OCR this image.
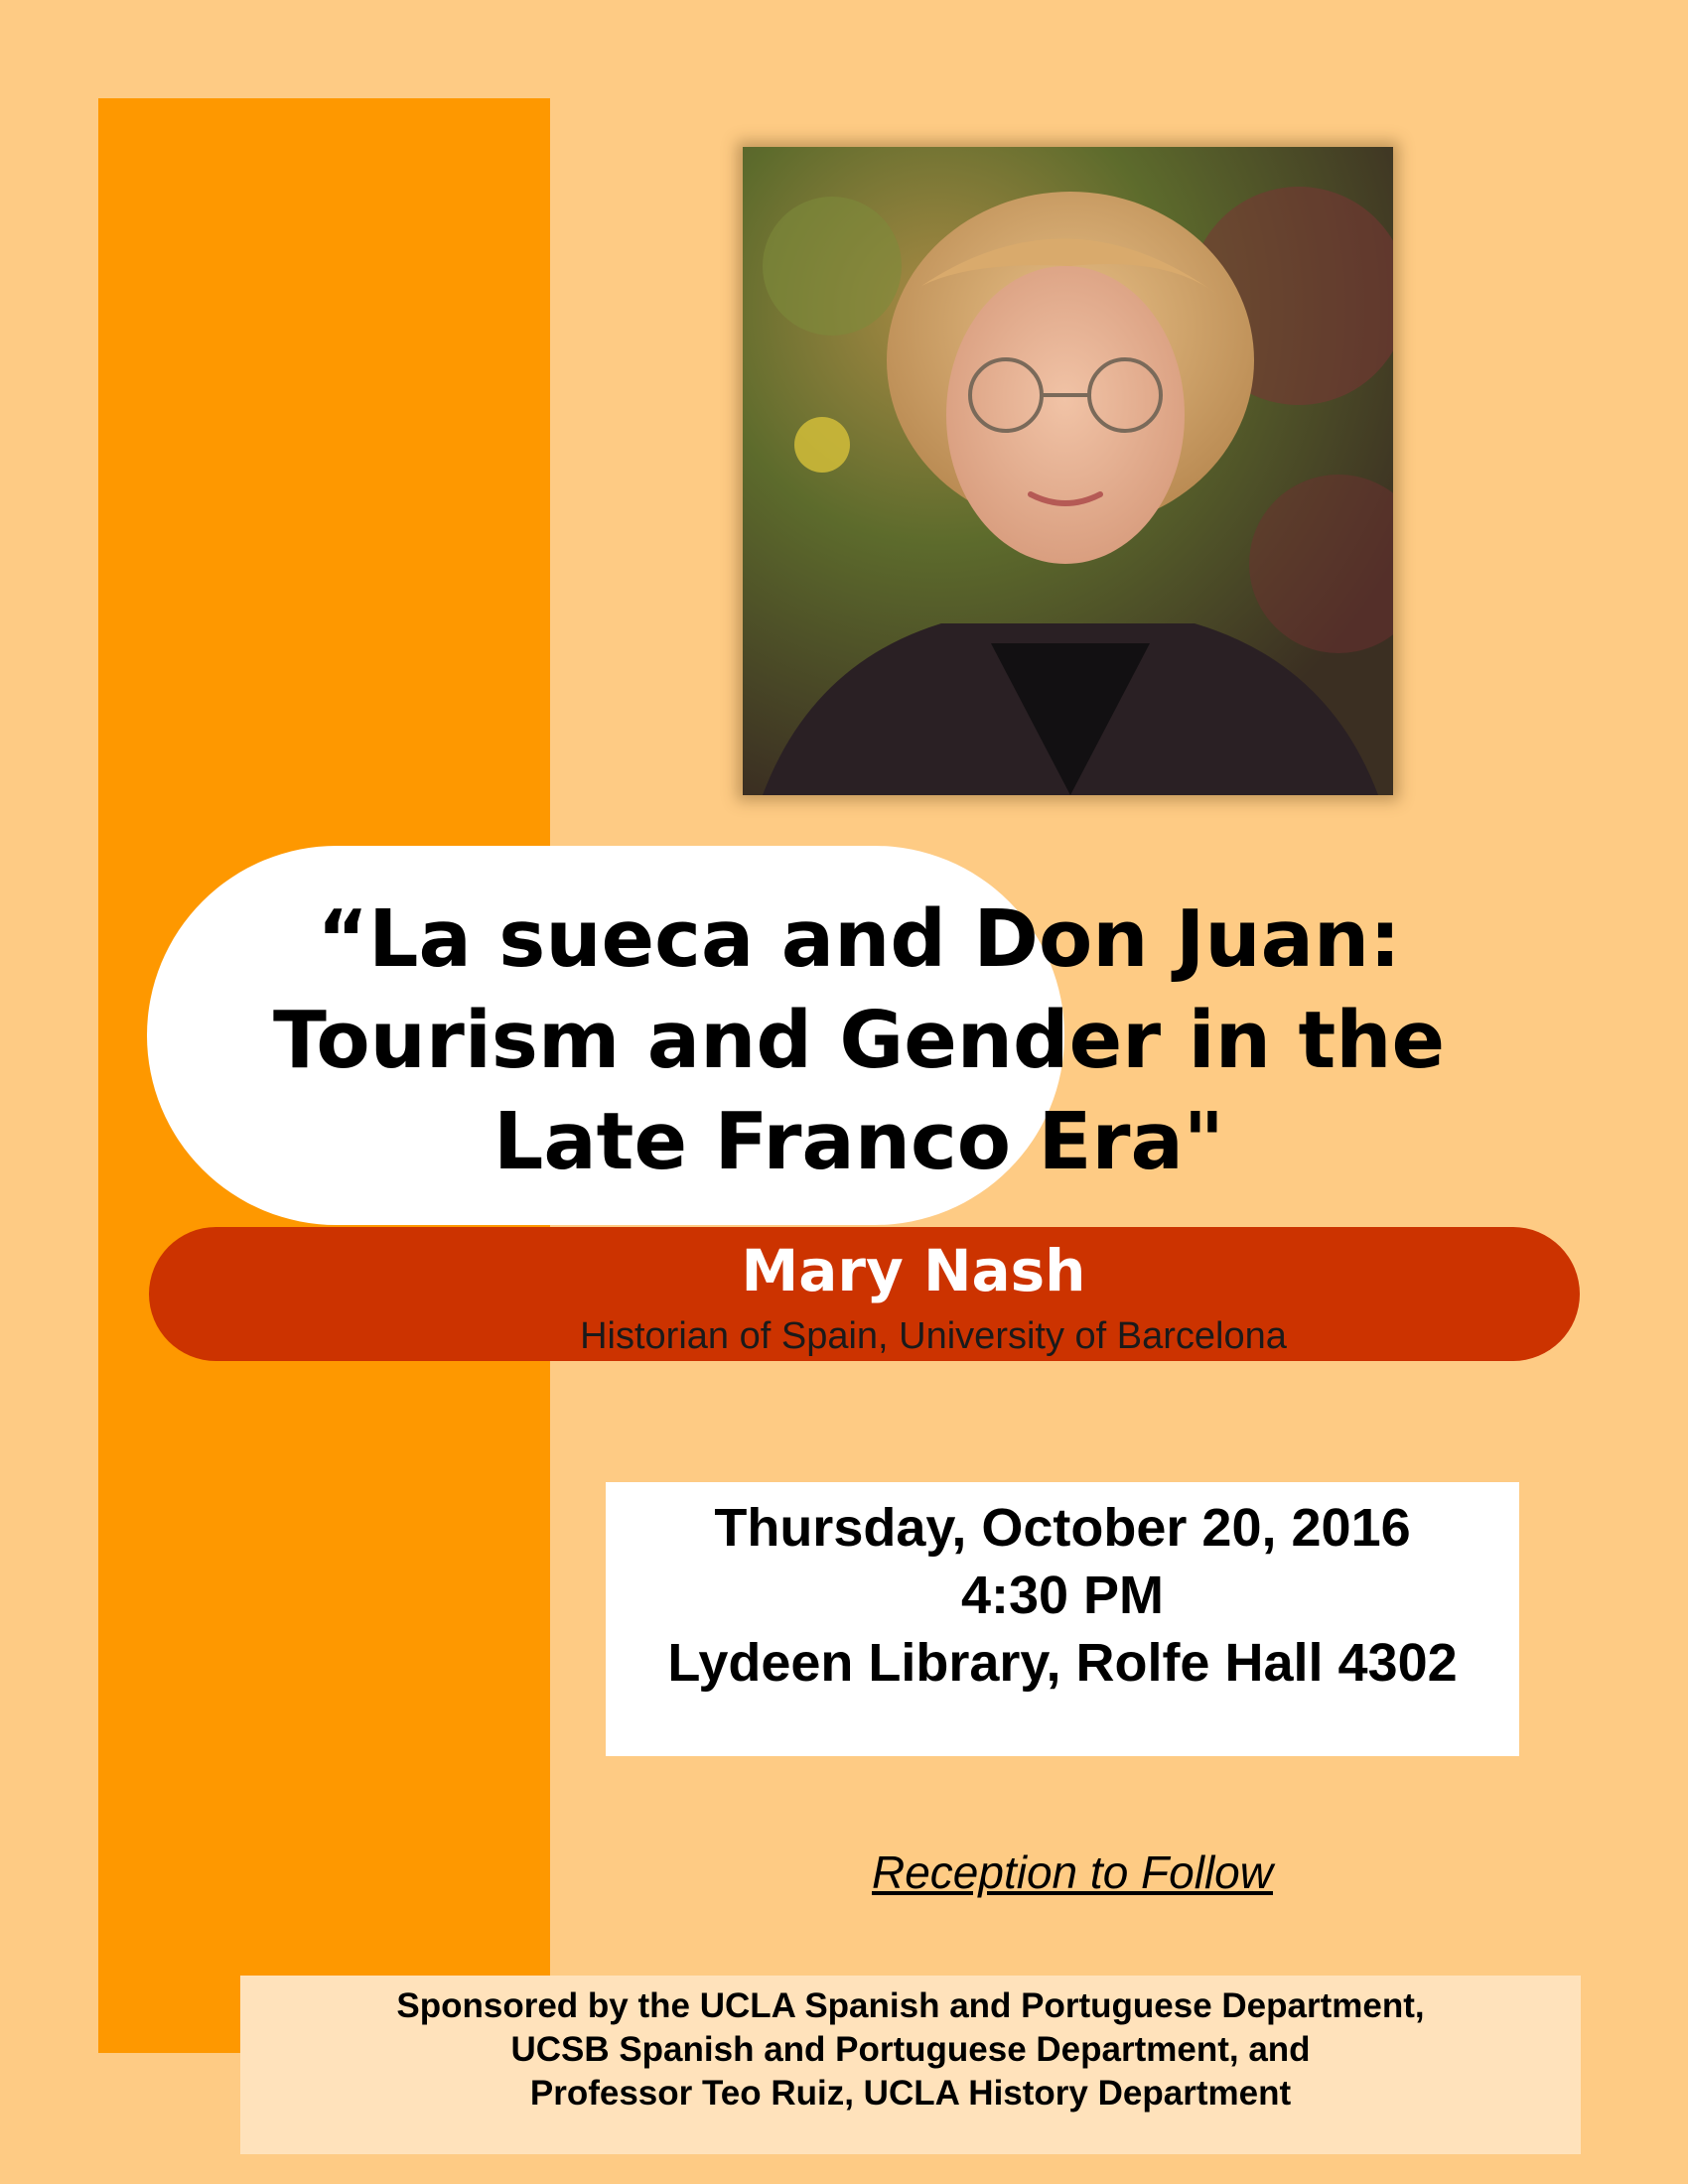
“La sueca and Don Juan:
Tourism and Gender in the
Late Franco Era"

Mary Nash

Historian of Spain, University of Barcelona

Thursday, October 20, 2016

4:30 PM

Lydeen Library, Rolfe Hall 4302

Reception to Follow

Sponsored by the UCLA Spanish and Portuguese Department,

UCSB Spanish and Portuguese Department, and

Professor Teo Ruiz, UCLA History Department
